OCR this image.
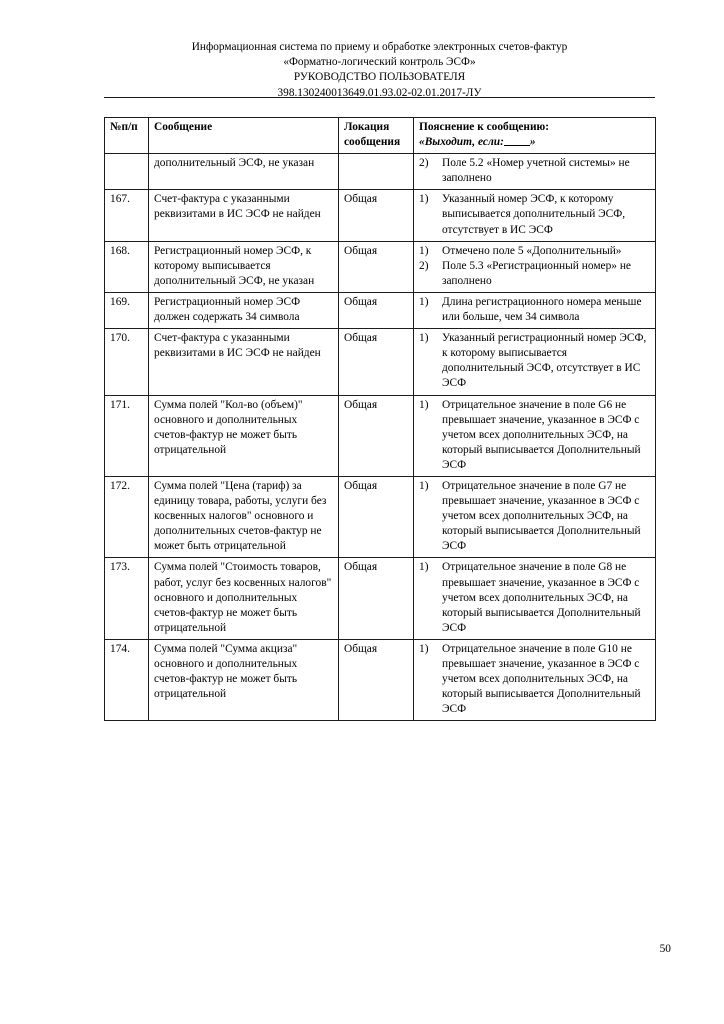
Информационная система по приему и обработке электронных счетов-фактур
«Форматно-логический контроль ЭСФ»
РУКОВОДСТВО ПОЛЬЗОВАТЕЛЯ
398.130240013649.01.93.02-02.01.2017-ЛУ
№п/п	Сообщение	Локация сообщения	Пояснение к сообщению:
«Выходит, если: »

	дополнительный ЭСФ, не указан		2) Поле 5.2 «Номер учетной системы» не заполнено

167.	Счет-фактура с указанными реквизитами в ИС ЭСФ не найден	Общая	1) Указанный номер ЭСФ, к которому выписывается дополнительный ЭСФ, отсутствует в ИС ЭСФ

168.	Регистрационный номер ЭСФ, к которому выписывается дополнительный ЭСФ, не указан	Общая	1) Отмечено поле 5 «Дополнительный»
2) Поле 5.3 «Регистрационный номер» не заполнено

169.	Регистрационный номер ЭСФ должен содержать 34 символа	Общая	1) Длина регистрационного номера меньше или больше, чем 34 символа

170.	Счет-фактура с указанными реквизитами в ИС ЭСФ не найден	Общая	1) Указанный регистрационный номер ЭСФ, к которому выписывается дополнительный ЭСФ, отсутствует в ИС ЭСФ

171.	Сумма полей "Кол-во (объем)" основного и дополнительных счетов-фактур не может быть отрицательной	Общая	1) Отрицательное значение в поле G6 не превышает значение, указанное в ЭСФ с учетом всех дополнительных ЭСФ, на который выписывается Дополнительный ЭСФ

172.	Сумма полей "Цена (тариф) за единицу товара, работы, услуги без косвенных налогов" основного и дополнительных счетов-фактур не может быть отрицательной	Общая	1) Отрицательное значение в поле G7 не превышает значение, указанное в ЭСФ с учетом всех дополнительных ЭСФ, на который выписывается Дополнительный ЭСФ

173.	Сумма полей "Стоимость товаров, работ, услуг без косвенных налогов" основного и дополнительных счетов-фактур не может быть отрицательной	Общая	1) Отрицательное значение в поле G8 не превышает значение, указанное в ЭСФ с учетом всех дополнительных ЭСФ, на который выписывается Дополнительный ЭСФ

174.	Сумма полей "Сумма акциза" основного и дополнительных счетов-фактур не может быть отрицательной	Общая	1) Отрицательное значение в поле G10 не превышает значение, указанное в ЭСФ с учетом всех дополнительных ЭСФ, на который выписывается Дополнительный ЭСФ
50
